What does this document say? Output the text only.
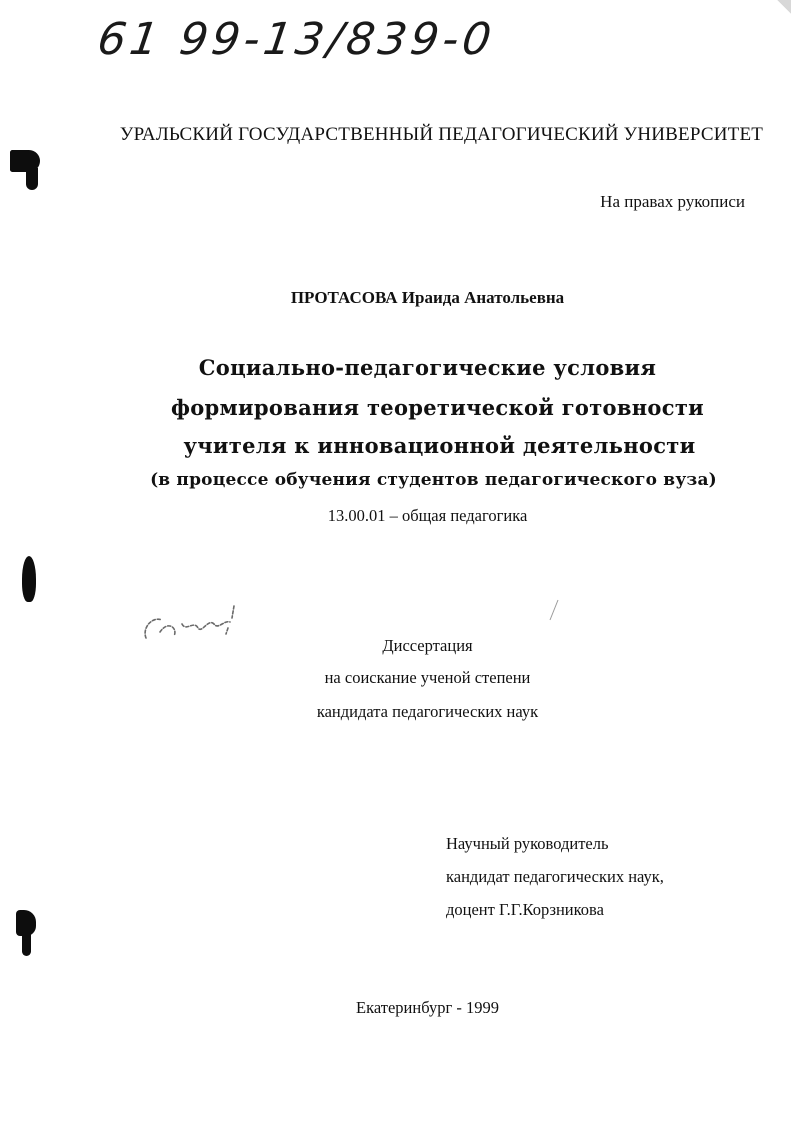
61 99-13/839-0
УРАЛЬСКИЙ ГОСУДАРСТВЕННЫЙ ПЕДАГОГИЧЕСКИЙ УНИВЕРСИТЕТ
На правах рукописи
ПРОТАСОВА Ираида Анатольевна
Социально-педагогические условия
формирования теоретической готовности
учителя к инновационной деятельности
(в процессе обучения студентов педагогического вуза)
13.00.01 – общая педагогика
Диссертация
на соискание ученой степени
кандидата педагогических наук
Научный руководитель
кандидат педагогических наук,
доцент Г.Г.Корзникова
Екатеринбург - 1999
